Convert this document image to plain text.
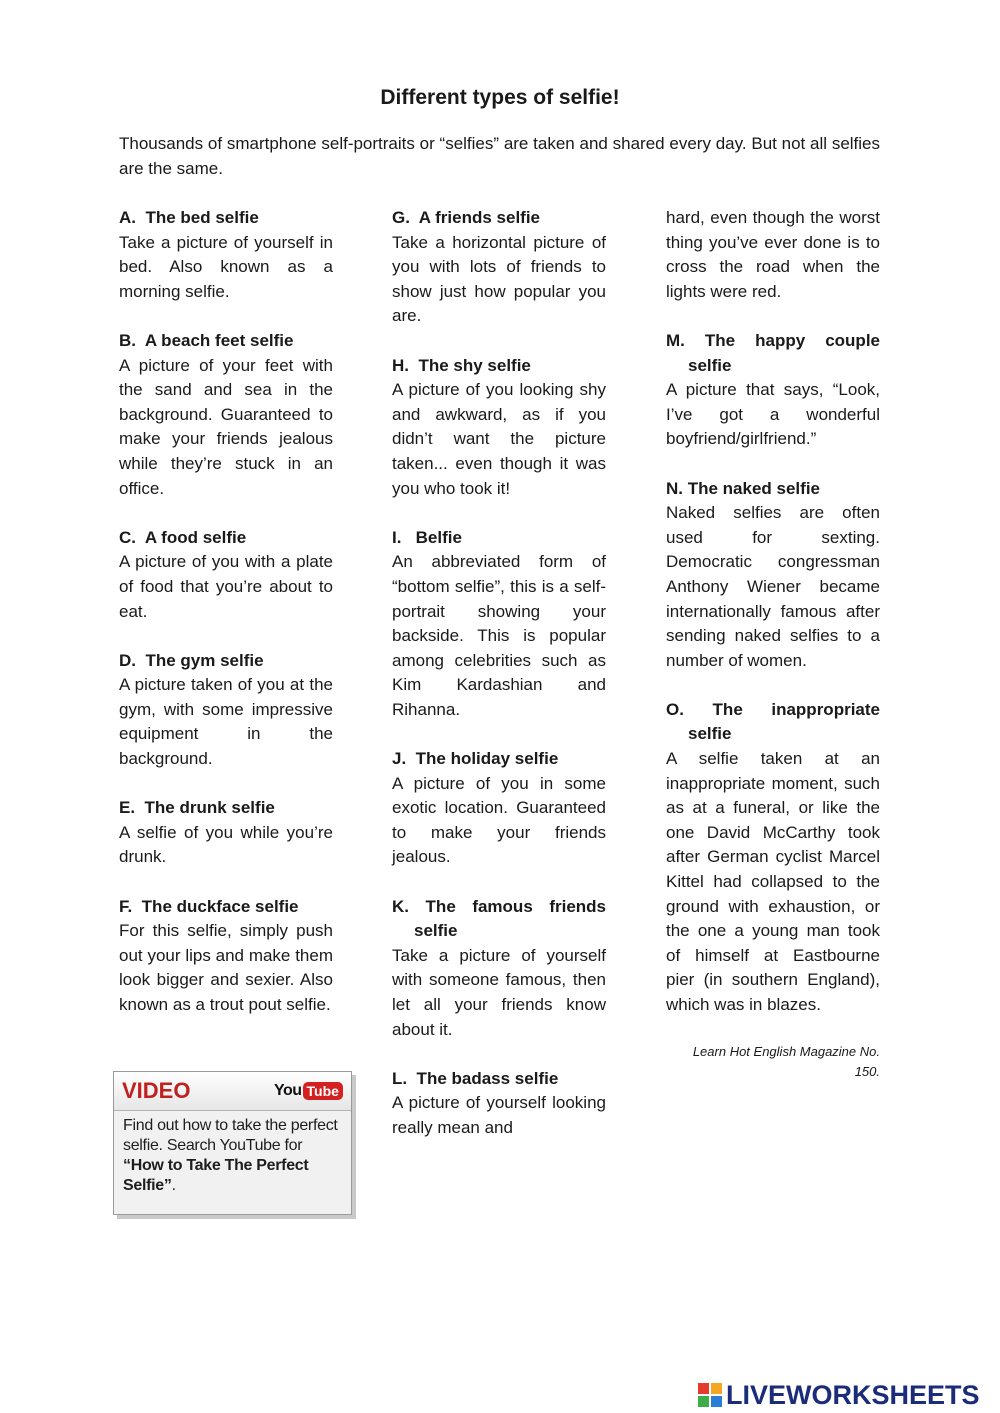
Different types of selfie!

Thousands of smartphone self-portraits or “selfies” are taken and shared every day. But not all selfies are the same.

A.  The bed selfie
Take a picture of yourself in bed. Also known as a morning selfie.
B.  A beach feet selfie
A picture of your feet with the sand and sea in the background. Guaranteed to make your friends jealous while they’re stuck in an office.
C.  A food selfie
A picture of you with a plate of food that you’re about to eat.
D.  The gym selfie
A picture taken of you at the gym, with some impressive equipment in the background.
E.  The drunk selfie
A selfie of you while you’re drunk.
F.  The duckface selfie
For this selfie, simply push out your lips and make them look bigger and sexier. Also known as a trout pout selfie.
G.  A friends selfie
Take a horizontal picture of you with lots of friends to show just how popular you are.
H.  The shy selfie
A picture of you looking shy and awkward, as if you didn’t want the picture taken... even though it was you who took it!
I.   Belfie
An abbreviated form of “bottom selfie”, this is a self-portrait showing your backside. This is popular among celebrities such as Kim Kardashian and Rihanna.
J.  The holiday selfie
A picture of you in some exotic location. Guaranteed to make your friends jealous.
K. The famous friends selfie
Take a picture of yourself with someone famous, then let all your friends know about it.
L.  The badass selfie
A picture of yourself looking really mean and
hard, even though the worst thing you’ve ever done is to cross the road when the lights were red.
M. The happy couple selfie
A picture that says, “Look, I’ve got a wonderful boyfriend/girlfriend.”
N. The naked selfie
Naked selfies are often used for sexting. Democratic congressman Anthony Wiener became internationally famous after sending naked selfies to a number of women.
O. The inappropriate selfie
A selfie taken at an inappropriate moment, such as at a funeral, or like the one David McCarthy took after German cyclist Marcel Kittel had collapsed to the ground with exhaustion, or the one a young man took of himself at Eastbourne pier (in southern England), which was in blazes.
Learn Hot English Magazine No. 150.
VIDEO	You Tube
Find out how to take the perfect selfie. Search YouTube for “How to Take The Perfect Selfie”.
LIVEWORKSHEETS
